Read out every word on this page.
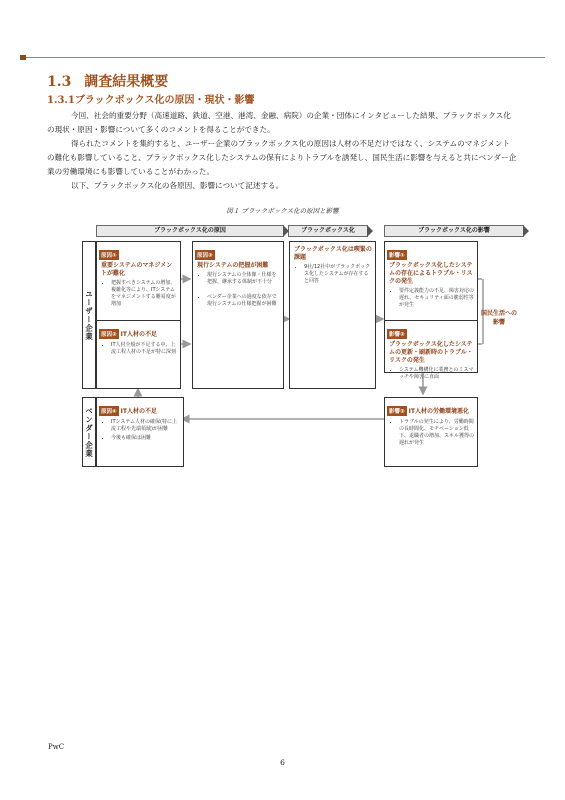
1.3 調査結果概要
1.3.1ブラックボックス化の原因・現状・影響

今回、社会的重要分野（高速道路、鉄道、空港、港湾、金融、病院）の企業・団体にインタビューした結果、ブラックボックス化の現状・原因・影響について多くのコメントを得ることができた。

得られたコメントを集約すると、ユーザー企業のブラックボックス化の原因は人材の不足だけではなく、システムのマネジメントの難化も影響していること、ブラックボックス化したシステムの保有によりトラブルを誘発し、国民生活に影響を与えると共にベンダー企業の労働環境にも影響していることがわかった。

以下、ブラックボックス化の各原因、影響について記述する。

図１ ブラックボックス化の原因と影響
ブラックボックス化の原因	ブラックボックス化	ブラックボックス化の影響
ユーザー企業
ベンダー企業
原因①
重要システムのマネジメントが難化
• 把握すべきシステムの増加、複雑化等により、ITシステムをマネジメントする難易度が増加
原因② IT人材の不足
• IT人材全般が不足する中、上流工程人材の不足が特に深刻
原因③
現行システムの把握が困難
• 現行システムの全体像・仕様を把握、継承する体制が不十分
• ベンダー企業への過度な依存で現行システムの仕様把握が困難
原因④ IT人材の不足
• ITシステム人材の確保(特に上流工程や先端領域)が困難
• 今後も確保は困難
ブラックボックス化は喫緊の課題
• 9社/12社中がブラックボックス化したシステムが存在すると回答
影響①
ブラックボックス化したシステムの存在によるトラブル・リスクの発生
• 要件定義能力の不足、障害対応の遅れ、セキュリティ面の脆弱性等が発生
影響②
ブラックボックス化したシステムの更新・刷新時のトラブル・リスクの発生
• システム機構化に業務とのミスマッチや障害に直面
影響③ IT人材の労働環境悪化
• トラブルの発生により、労働時間の長時間化、モチベーション低下、退職者の増加、スキル獲得の遅れが発生
国民生活への影響
PwC
6
